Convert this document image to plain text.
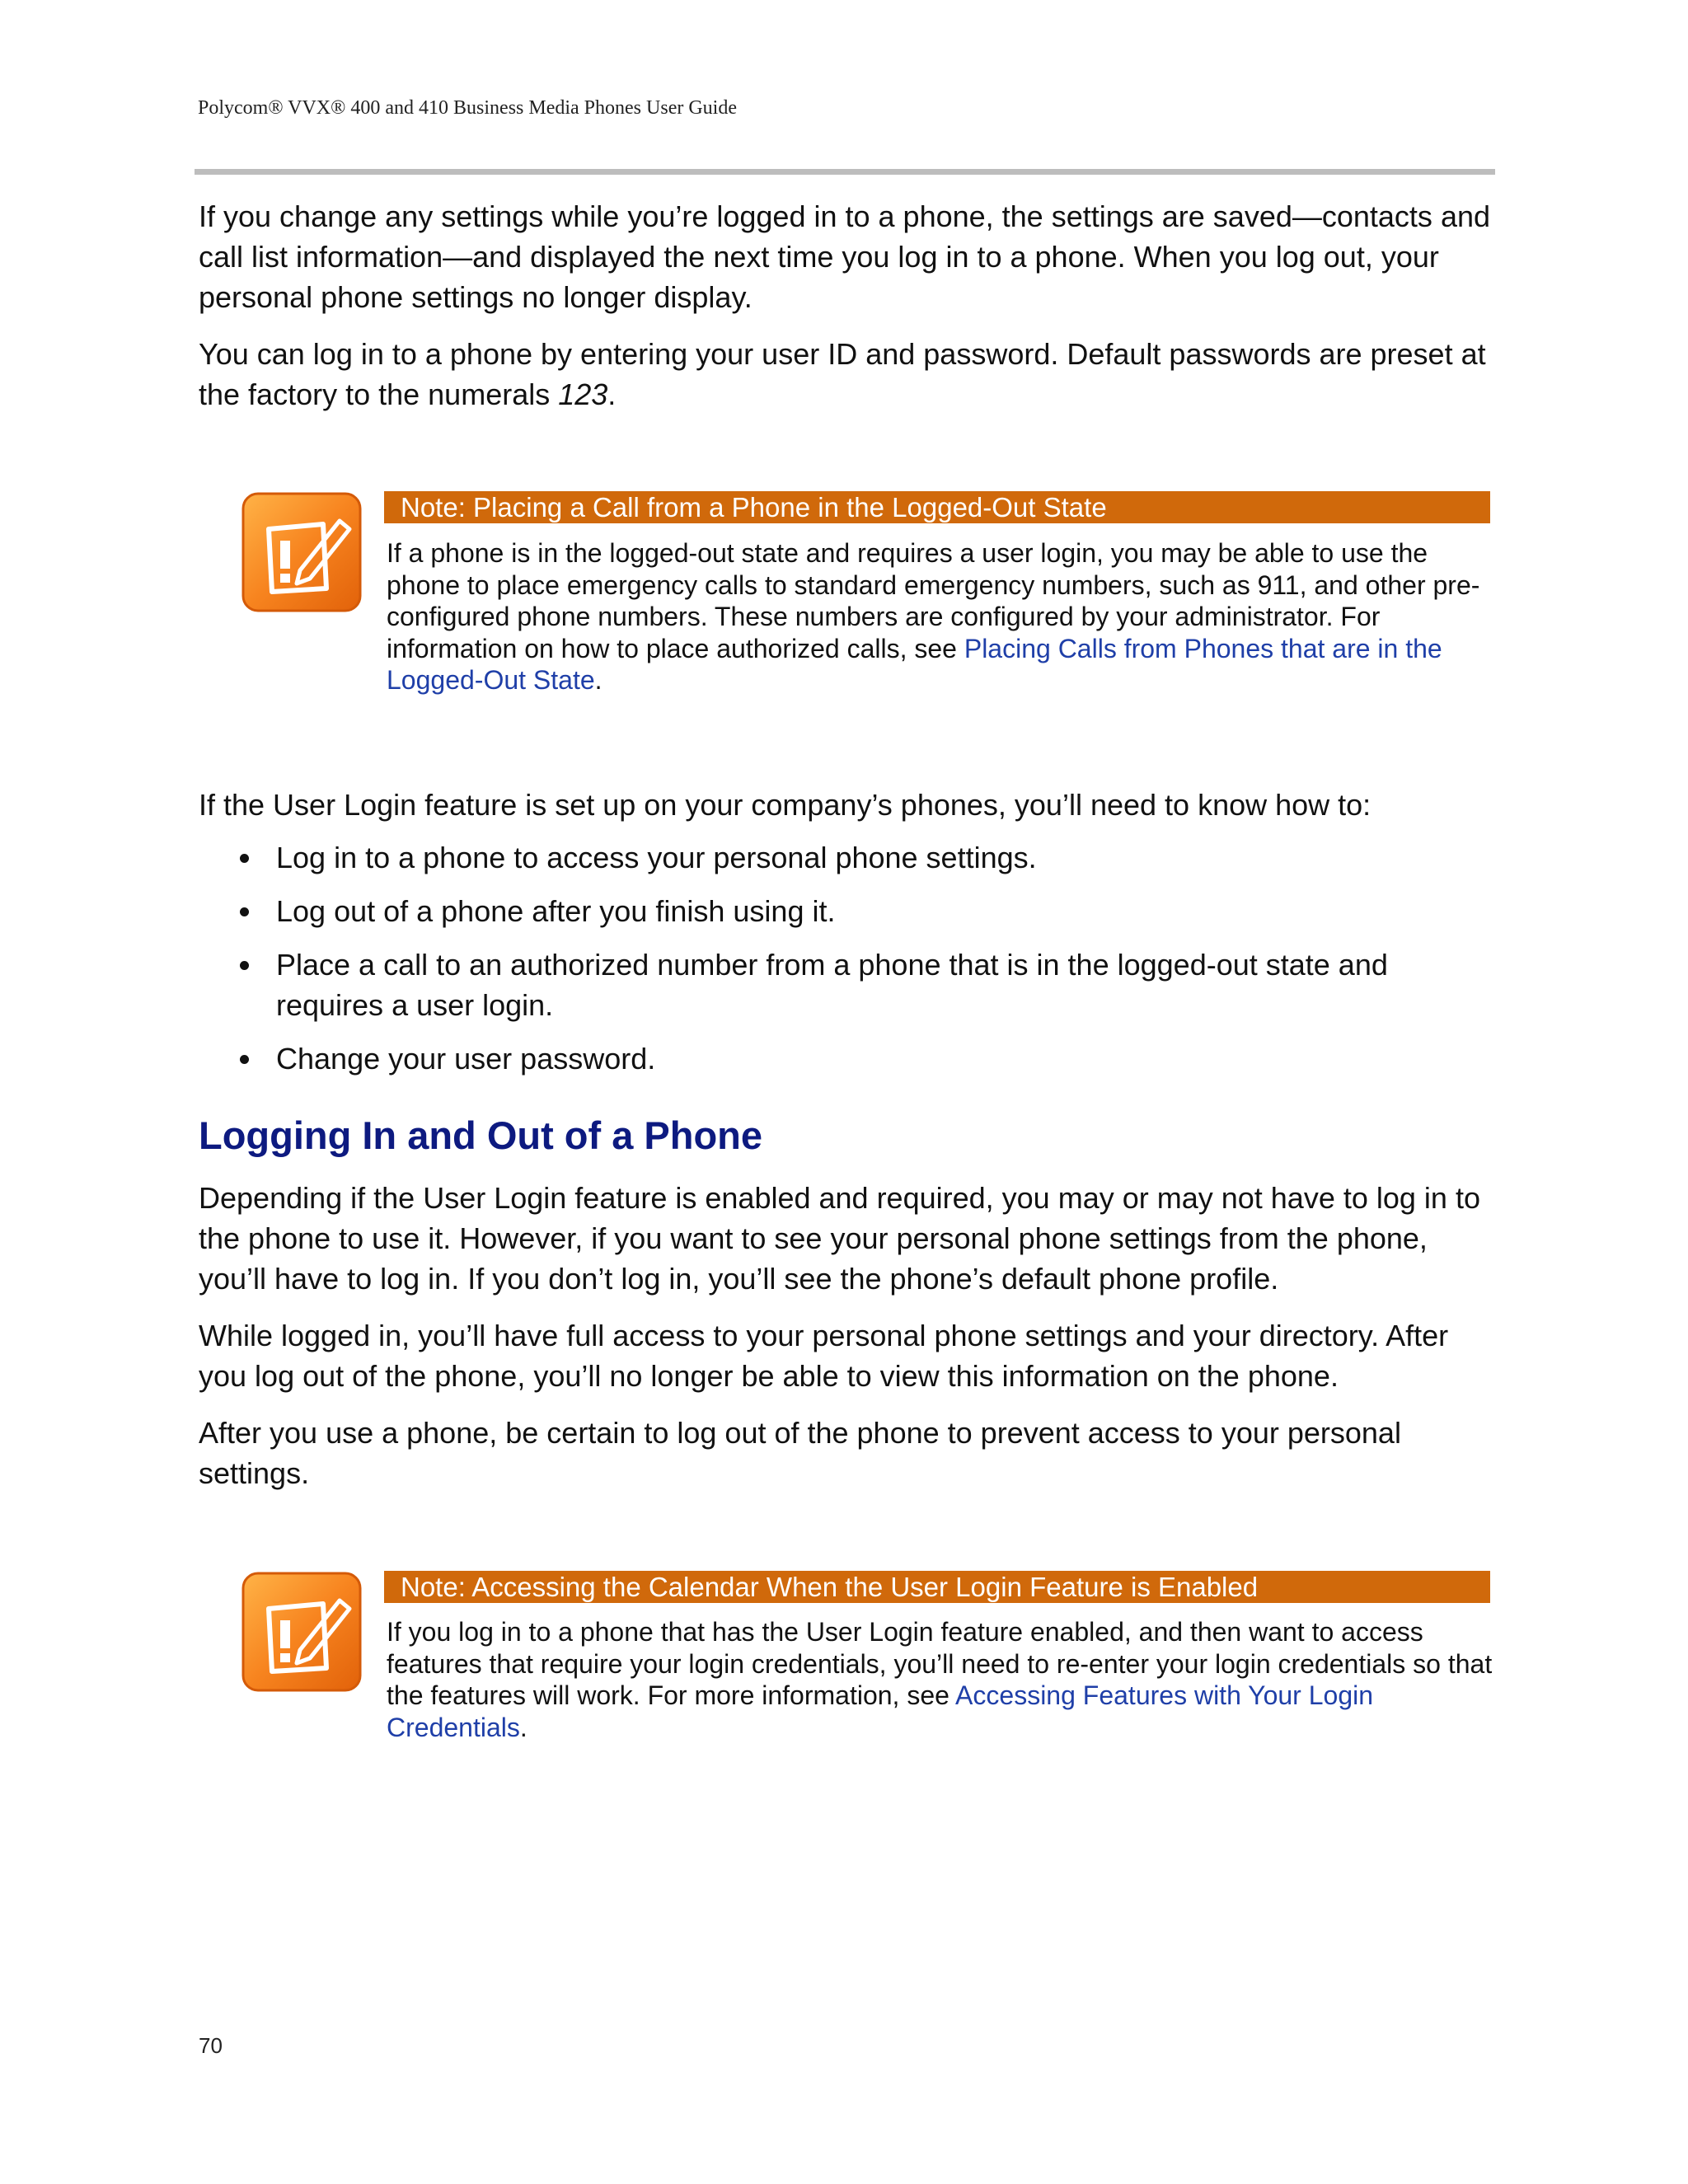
Polycom® VVX® 400 and 410 Business Media Phones User Guide

If you change any settings while you’re logged in to a phone, the settings are saved—contacts and call list information—and displayed the next time you log in to a phone. When you log out, your personal phone settings no longer display.

You can log in to a phone by entering your user ID and password. Default passwords are preset at the factory to the numerals 123.

Note: Placing a Call from a Phone in the Logged-Out State

If a phone is in the logged-out state and requires a user login, you may be able to use the phone to place emergency calls to standard emergency numbers, such as 911, and other pre-configured phone numbers. These numbers are configured by your administrator. For information on how to place authorized calls, see Placing Calls from Phones that are in the Logged-Out State.

If the User Login feature is set up on your company’s phones, you’ll need to know how to:

Log in to a phone to access your personal phone settings.
Log out of a phone after you finish using it.
Place a call to an authorized number from a phone that is in the logged-out state and requires a user login.
Change your user password.
Logging In and Out of a Phone

Depending if the User Login feature is enabled and required, you may or may not have to log in to the phone to use it. However, if you want to see your personal phone settings from the phone, you’ll have to log in. If you don’t log in, you’ll see the phone’s default phone profile.

While logged in, you’ll have full access to your personal phone settings and your directory. After you log out of the phone, you’ll no longer be able to view this information on the phone.

After you use a phone, be certain to log out of the phone to prevent access to your personal settings.

Note: Accessing the Calendar When the User Login Feature is Enabled

If you log in to a phone that has the User Login feature enabled, and then want to access features that require your login credentials, you’ll need to re-enter your login credentials so that the features will work. For more information, see Accessing Features with Your Login Credentials.

70
